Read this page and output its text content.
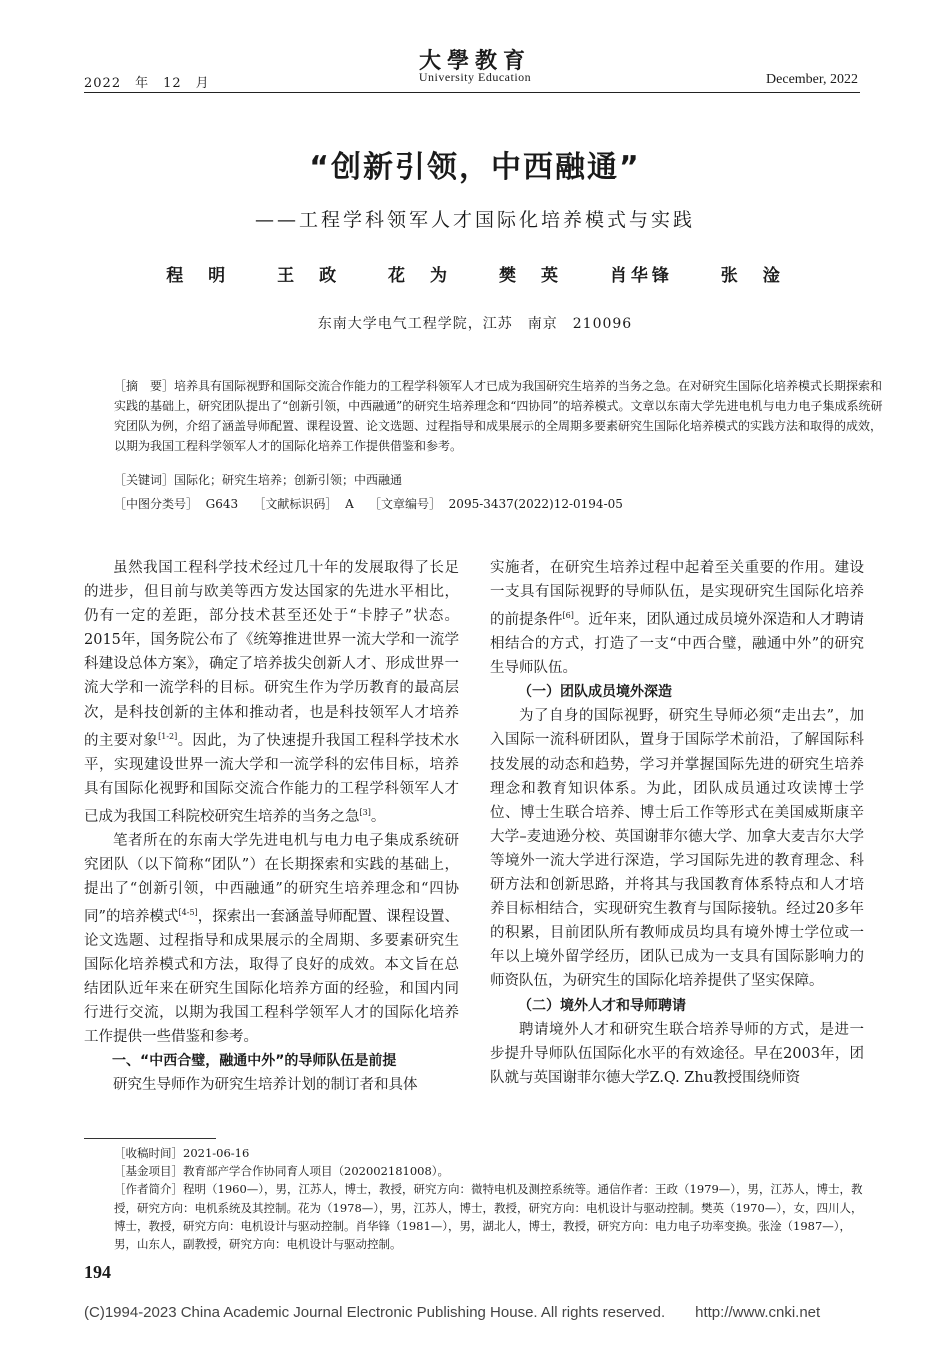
大學教育
University Education
2022　年　12　月	December, 2022
“创新引领，中西融通”
——工程学科领军人才国际化培养模式与实践
程　明	王　政	花　为	樊　英	肖华锋	张　淦
东南大学电气工程学院，江苏　南京　210096
［摘　要］培养具有国际视野和国际交流合作能力的工程学科领军人才已成为我国研究生培养的当务之急。在对研究生国际化培养模式长期探索和实践的基础上，研究团队提出了“创新引领，中西融通”的研究生培养理念和“四协同”的培养模式。文章以东南大学先进电机与电力电子集成系统研究团队为例，介绍了涵盖导师配置、课程设置、论文选题、过程指导和成果展示的全周期多要素研究生国际化培养模式的实践方法和取得的成效，以期为我国工程科学领军人才的国际化培养工作提供借鉴和参考。
［关键词］国际化；研究生培养；创新引领；中西融通
［中图分类号］ G643 ［文献标识码］ A ［文章编号］ 2095-3437(2022)12-0194-05

虽然我国工程科学技术经过几十年的发展取得了长足的进步，但目前与欧美等西方发达国家的先进水平相比，仍有一定的差距，部分技术甚至还处于“卡脖子”状态。2015年，国务院公布了《统筹推进世界一流大学和一流学科建设总体方案》，确定了培养拔尖创新人才、形成世界一流大学和一流学科的目标。研究生作为学历教育的最高层次，是科技创新的主体和推动者，也是科技领军人才培养的主要对象[1-2]。因此，为了快速提升我国工程科学技术水平，实现建设世界一流大学和一流学科的宏伟目标，培养具有国际化视野和国际交流合作能力的工程学科领军人才已成为我国工科院校研究生培养的当务之急[3]。

笔者所在的东南大学先进电机与电力电子集成系统研究团队（以下简称“团队”）在长期探索和实践的基础上，提出了“创新引领，中西融通”的研究生培养理念和“四协同”的培养模式[4-5]，探索出一套涵盖导师配置、课程设置、论文选题、过程指导和成果展示的全周期、多要素研究生国际化培养模式和方法，取得了良好的成效。本文旨在总结团队近年来在研究生国际化培养方面的经验，和国内同行进行交流，以期为我国工程科学领军人才的国际化培养工作提供一些借鉴和参考。

一、“中西合璧，融通中外”的导师队伍是前提

研究生导师作为研究生培养计划的制订者和具体

实施者，在研究生培养过程中起着至关重要的作用。建设一支具有国际视野的导师队伍，是实现研究生国际化培养的前提条件[6]。近年来，团队通过成员境外深造和人才聘请相结合的方式，打造了一支“中西合璧，融通中外”的研究生导师队伍。

（一）团队成员境外深造

为了自身的国际视野，研究生导师必须“走出去”，加入国际一流科研团队，置身于国际学术前沿，了解国际科技发展的动态和趋势，学习并掌握国际先进的研究生培养理念和教育知识体系。为此，团队成员通过攻读博士学位、博士生联合培养、博士后工作等形式在美国威斯康辛大学–麦迪逊分校、英国谢菲尔德大学、加拿大麦吉尔大学等境外一流大学进行深造，学习国际先进的教育理念、科研方法和创新思路，并将其与我国教育体系特点和人才培养目标相结合，实现研究生教育与国际接轨。经过20多年的积累，目前团队所有教师成员均具有境外博士学位或一年以上境外留学经历，团队已成为一支具有国际影响力的师资队伍，为研究生的国际化培养提供了坚实保障。

（二）境外人才和导师聘请

聘请境外人才和研究生联合培养导师的方式，是进一步提升导师队伍国际化水平的有效途径。早在2003年，团队就与英国谢菲尔德大学Z.Q. Zhu教授围绕师资

［收稿时间］2021-06-16

［基金项目］教育部产学合作协同育人项目（202002181008）。

［作者简介］程明（1960—），男，江苏人，博士，教授，研究方向：微特电机及测控系统等。通信作者：王政（1979—），男，江苏人，博士，教授，研究方向：电机系统及其控制。花为（1978—），男，江苏人，博士，教授，研究方向：电机设计与驱动控制。樊英（1970—），女，四川人，博士，教授，研究方向：电机设计与驱动控制。肖华锋（1981—），男，湖北人，博士，教授，研究方向：电力电子功率变换。张淦（1987—），男，山东人，副教授，研究方向：电机设计与驱动控制。

194
(C)1994-2023 China Academic Journal Electronic Publishing House. All rights reserved.　　http://www.cnki.net
